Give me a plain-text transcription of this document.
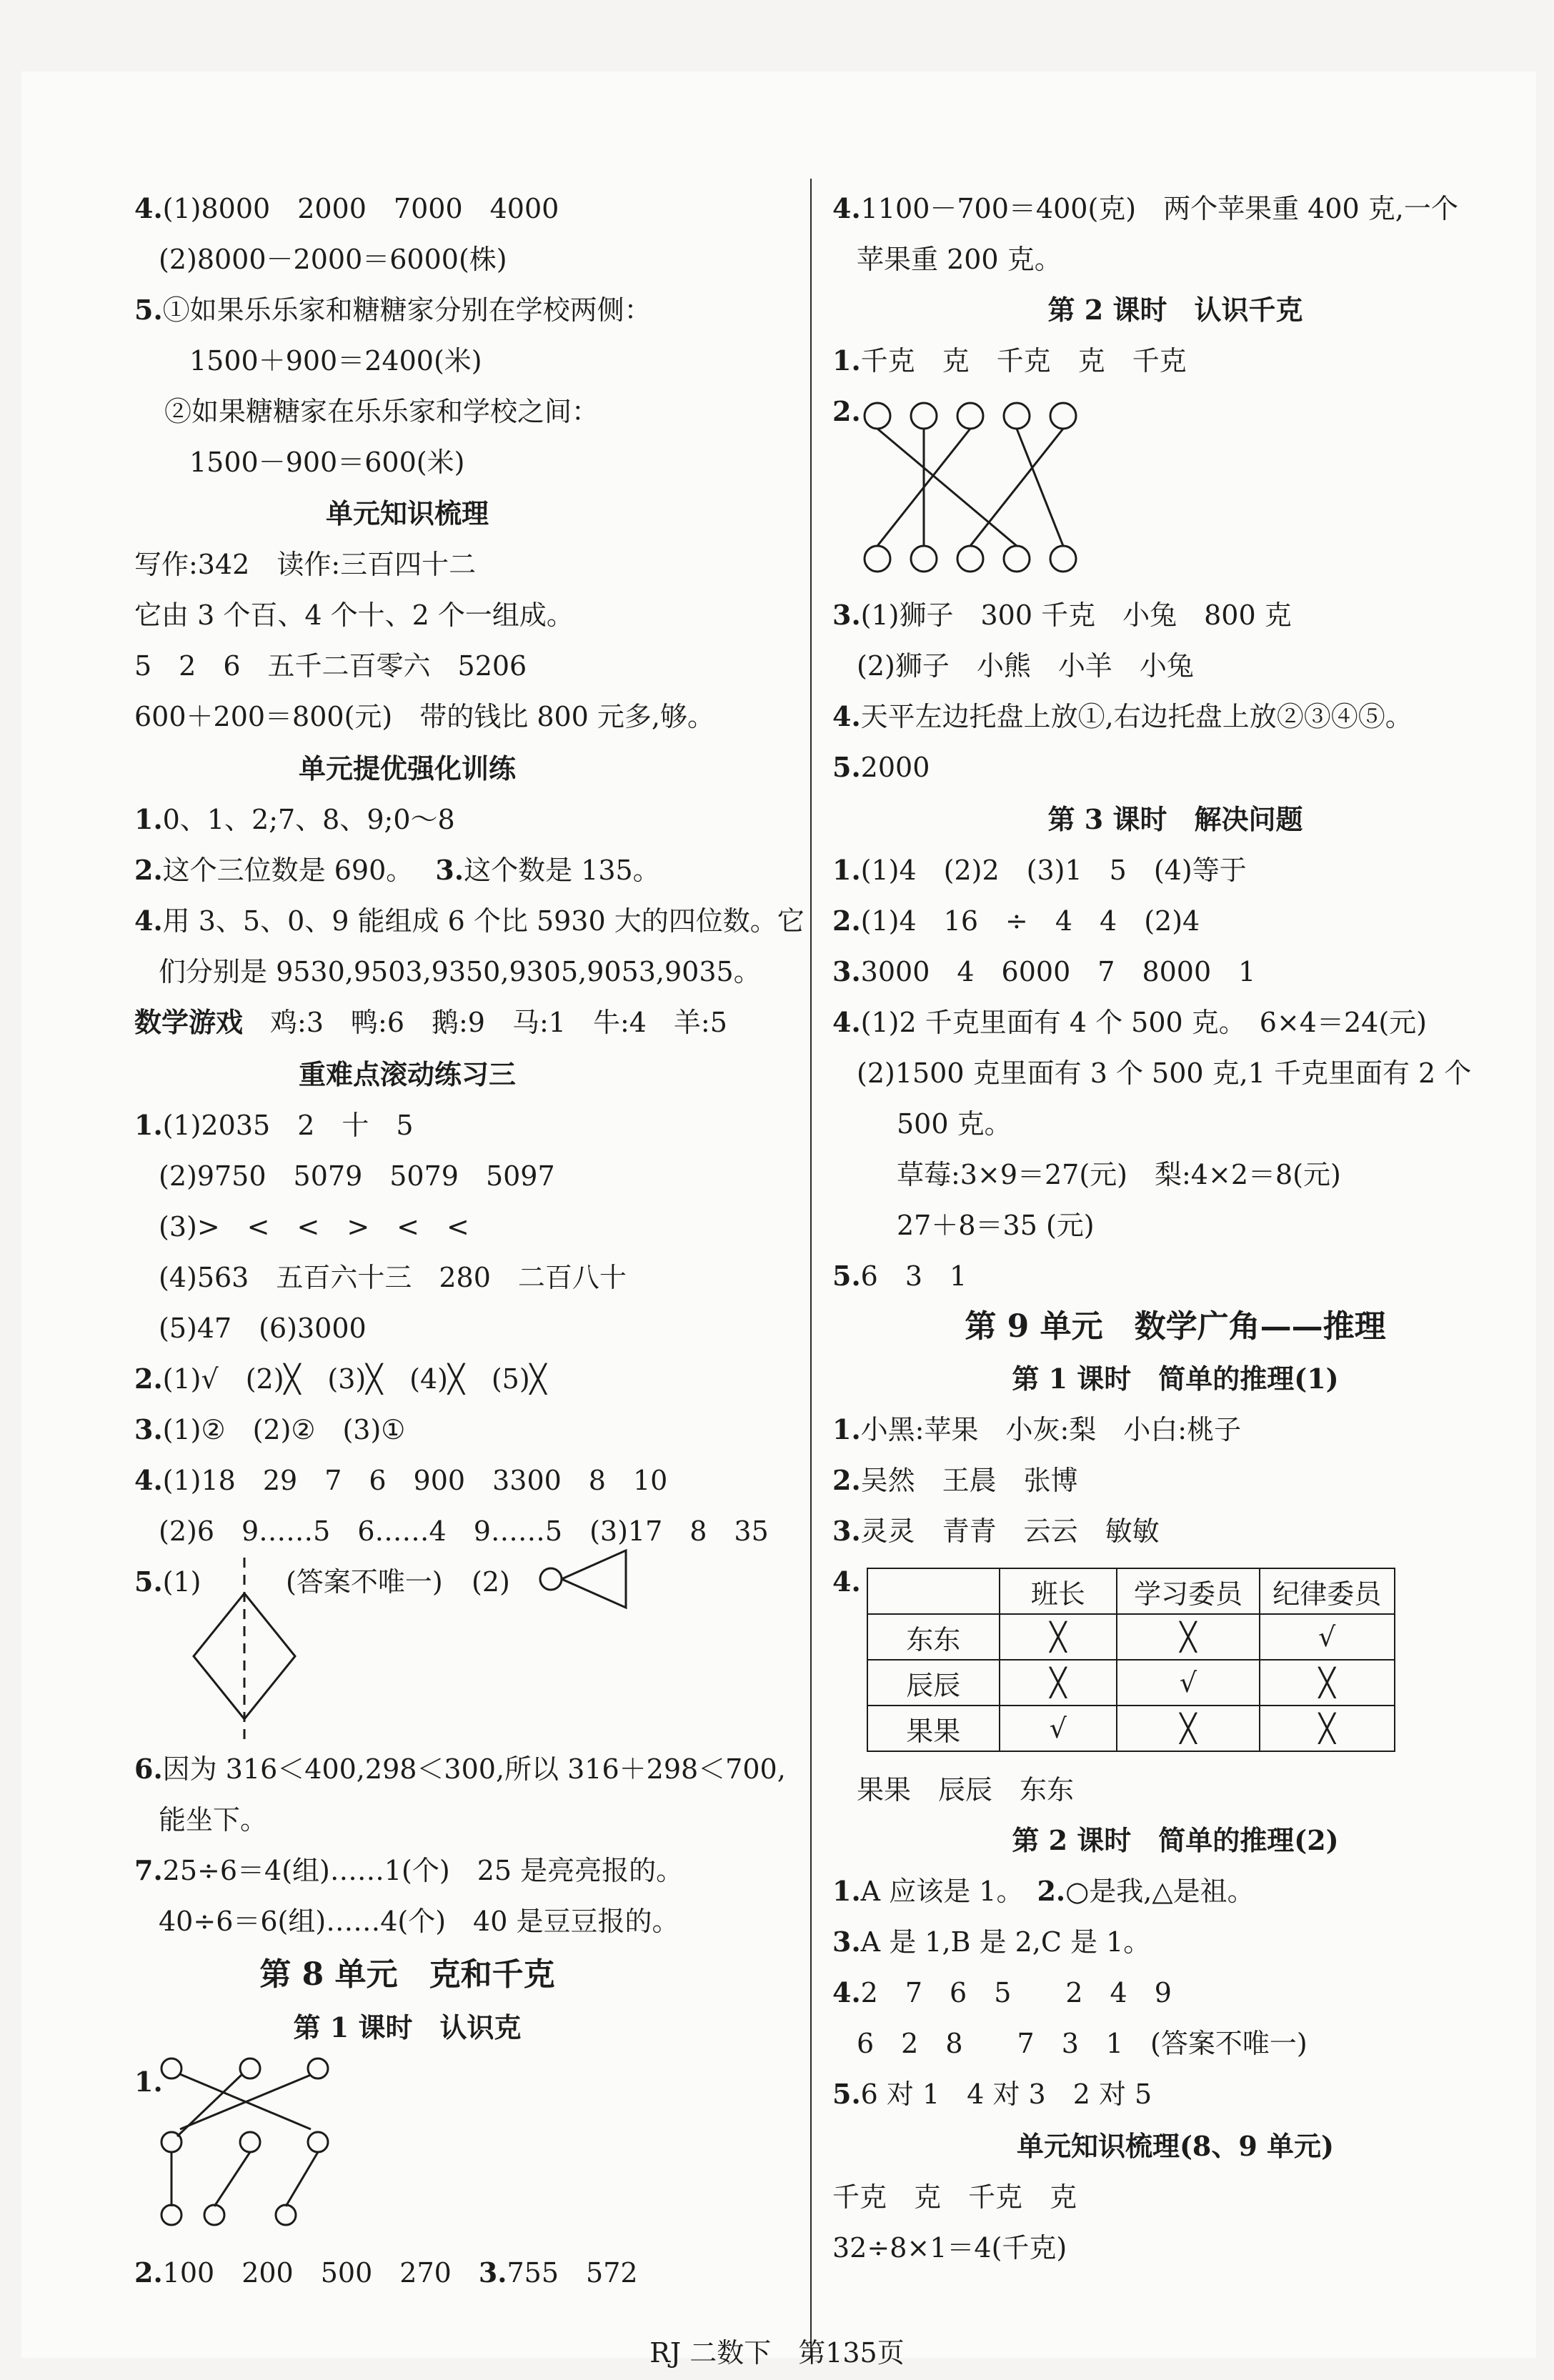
4.(1)8000　2000　7000　4000
(2)8000－2000＝6000(株)
5.①如果乐乐家和糖糖家分别在学校两侧：
1500＋900＝2400(米)
②如果糖糖家在乐乐家和学校之间：
1500－900＝600(米)
单元知识梳理
写作:342　读作:三百四十二
它由 3 个百、4 个十、2 个一组成。
5　2　6　五千二百零六　5206
600＋200＝800(元)　带的钱比 800 元多,够。
单元提优强化训练
1.0、1、2;7、8、9;0～8
2.这个三位数是 690。　 3.这个数是 135。
4.用 3、5、0、9 能组成 6 个比 5930 大的四位数。它
们分别是 9530,9503,9350,9305,9053,9035。
数学游戏　 鸡:3　鸭:6　鹅:9　马:1　牛:4　羊:5
重难点滚动练习三
1.(1)2035　2　十　5
(2)9750　5079　5079　5097
(3)>　<　<　>　<　<
(4)563　五百六十三　280　二百八十
(5)47　(6)3000
2.(1)√　(2)╳　(3)╳　(4)╳　(5)╳
3.(1)②　(2)②　(3)①
4.(1)18　29　7　6　900　3300　8　10
(2)6　9……5　6……4　9……5　(3)17　8　35
5.(1)	(答案不唯一) (2)
6.因为 316＜400,298＜300,所以 316＋298＜700,
能坐下。
7.25÷6＝4(组)……1(个)　25 是亮亮报的。
40÷6＝6(组)……4(个)　40 是豆豆报的。
第 8 单元　克和千克
第 1 课时　认识克
1.
2.100　200　500　270　 3.755　572
4.1100－700＝400(克)　两个苹果重 400 克,一个
苹果重 200 克。
第 2 课时　认识千克
1.千克　克　千克　克　千克
2.
3.(1)狮子　300 千克　小兔　800 克
(2)狮子　小熊　小羊　小兔
4.天平左边托盘上放①,右边托盘上放②③④⑤。
5.2000
第 3 课时　解决问题
1.(1)4　(2)2　(3)1　5　(4)等于
2.(1)4　16　÷　4　4　(2)4
3.3000　4　6000　7　8000　1
4.(1)2 千克里面有 4 个 500 克。　6×4＝24(元)
(2)1500 克里面有 3 个 500 克,1 千克里面有 2 个
500 克。
草莓:3×9＝27(元)　梨:4×2＝8(元)
27＋8＝35 (元)
5.6　3　1
第 9 单元　数学广角——推理
第 1 课时　简单的推理(1)
1.小黑:苹果　小灰:梨　小白:桃子
2.吴然　王晨　张博
3.灵灵　青青　云云　敏敏
4.
		班长	学习委员	纪律委员
东东	╳	╳	√
辰辰	╳	√	╳
果果	√	╳	╳
果果　辰辰　东东
第 2 课时　简单的推理(2)
1.A 应该是 1。　 2.○是我,△是祖。
3.A 是 1,B 是 2,C 是 1。
4.2　7　6　5　　2　4　9
6　2　8　　7　3　1　(答案不唯一)
5.6 对 1　4 对 3　2 对 5
单元知识梳理(8、9 单元)
千克　克　千克　克
32÷8×1＝4(千克)
RJ 二数下　第135页
